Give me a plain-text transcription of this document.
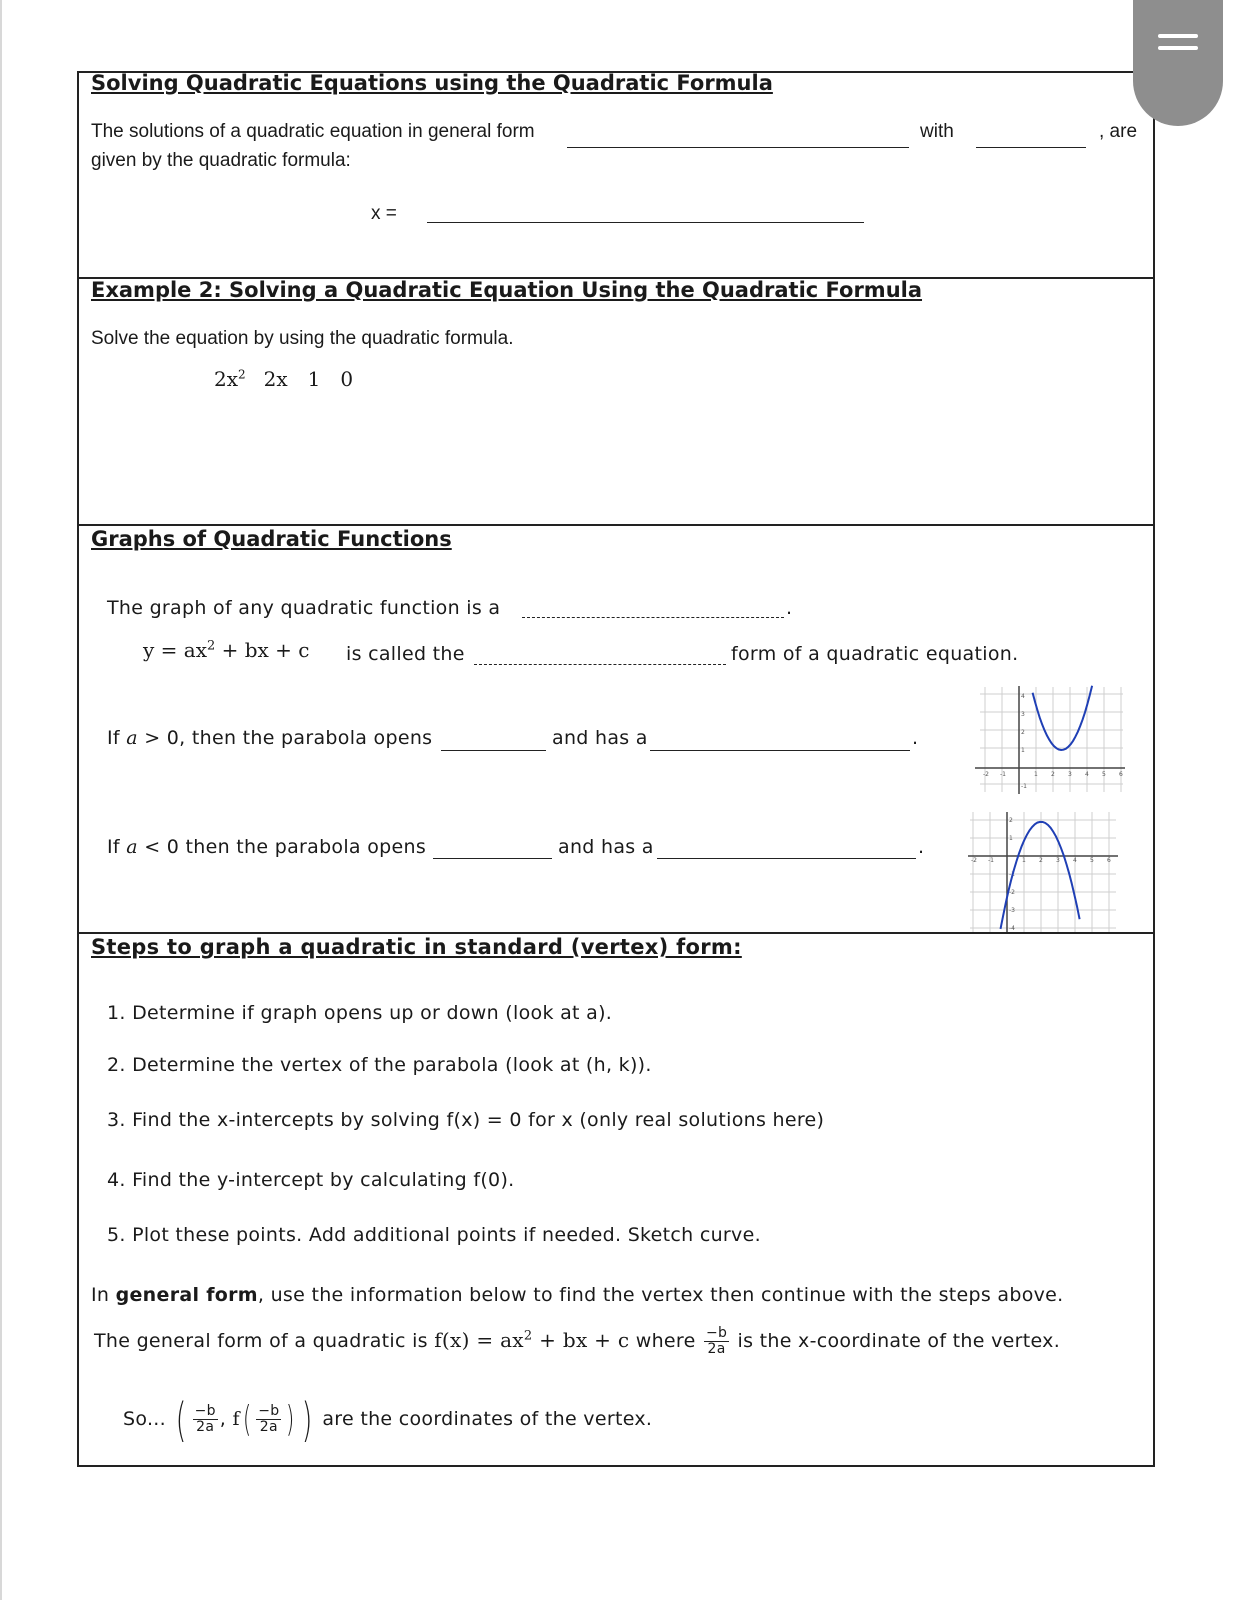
Solving Quadratic Equations using the Quadratic Formula
The solutions of a quadratic equation in general form	with	, are
given by the quadratic formula:
x =
Example 2: Solving a Quadratic Equation Using the Quadratic Formula
Solve the equation by using the quadratic formula.
$2x^2$ 2x 1 0
Graphs of Quadratic Functions
The graph of any quadratic function is a	.
$y = ax^2$ + bx + c is called the	form of a quadratic equation.
If a > 0, then the parabola opens	and has a	.
If a < 0 then the parabola opens	and has a	.
-2 -1	1 2 3 4 5 6
4
3
2
1
-1
-2 -1	1 2 3 4 5 6
2
1
-1
-2
-3
-4
Steps to graph a quadratic in standard (vertex) form:
1. Determine if graph opens up or down (look at a).
2. Determine the vertex of the parabola (look at (h, k)).
3. Find the x-intercepts by solving f(x) = 0 for x (only real solutions here)
4. Find the y-intercept by calculating f(0).
5. Plot these points. Add additional points if needed. Sketch curve.
In general form, use the information below to find the vertex then continue with the steps above.
The general form of a quadratic is $f(x) = ax^2$ + bx + c where $\frac{-b}{2a}$ is the x-coordinate of the vertex.
So... ( $\frac{-b}{2a}$ , $f( \frac{-b}{2a}$ ) ) are the coordinates of the vertex.
